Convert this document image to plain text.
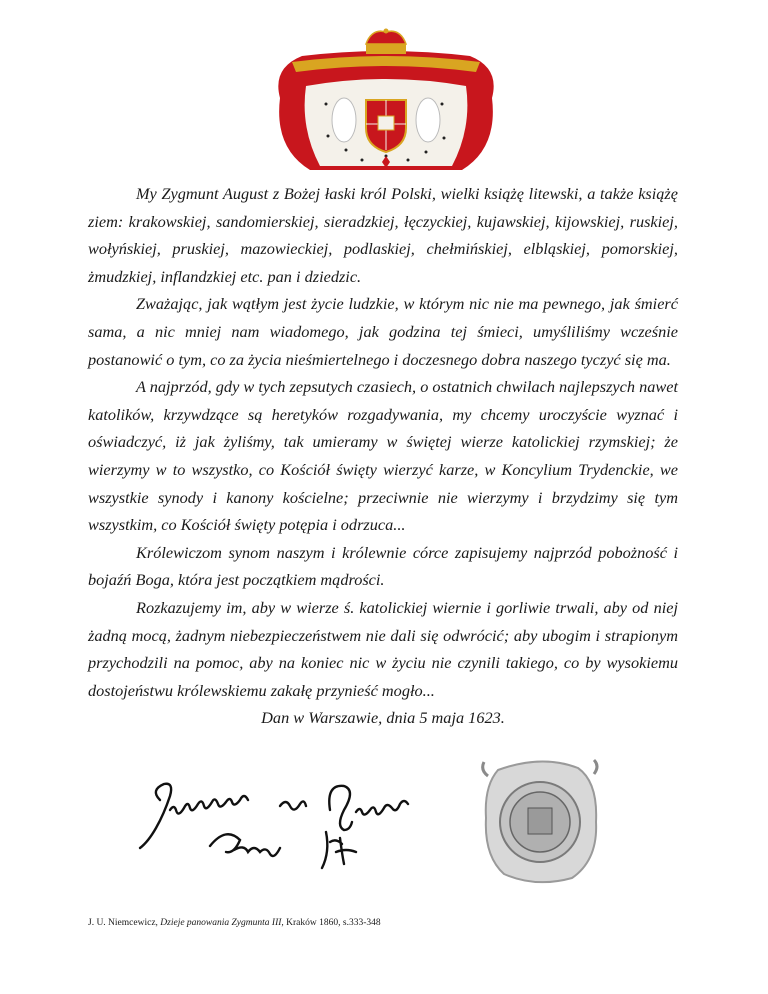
My Zygmunt August z Bożej łaski król Polski, wielki książę litewski, a także książę ziem: krakowskiej, sandomierskiej, sieradzkiej, łęczyckiej, kujawskiej, kijowskiej, ruskiej, wołyńskiej, pruskiej, mazowieckiej, podlaskiej, chełmińskiej, elbląskiej, pomorskiej, żmudzkiej, inflandzkiej etc. pan i dziedzic.

Zważając, jak wątłym jest życie ludzkie, w którym nic nie ma pewnego, jak śmierć sama, a nic mniej nam wiadomego, jak godzina tej śmieci, umyśliliśmy wcześnie postanowić o tym, co za życia nieśmiertelnego i doczesnego dobra naszego tyczyć się ma.

A najprzód, gdy w tych zepsutych czasiech, o ostatnich chwilach najlepszych nawet katolików, krzywdzące są heretyków rozgadywania, my chcemy uroczyście wyznać i oświadczyć, iż jak żyliśmy, tak umieramy w świętej wierze katolickiej rzymskiej; że wierzymy w to wszystko, co Kościół święty wierzyć karze, w Koncylium Trydenckie, we wszystkie synody i kanony kościelne; przeciwnie nie wierzymy i brzydzimy się tym wszystkim, co Kościół święty potępia i odrzuca...

Królewiczom synom naszym i królewnie córce zapisujemy najprzód pobożność i bojaźń Boga, która jest początkiem mądrości.

Rozkazujemy im, aby w wierze ś. katolickiej wiernie i gorliwie trwali, aby od niej żadną mocą, żadnym niebezpieczeństwem nie dali się odwrócić; aby ubogim i strapionym przychodzili na pomoc, aby na koniec nic w życiu nie czynili takiego, co by wysokiemu dostojeństwu królewskiemu zakałę przynieść mogło...

Dan w Warszawie, dnia 5 maja 1623.

J. U. Niemcewicz, Dzieje panowania Zygmunta III, Kraków 1860, s.333-348
